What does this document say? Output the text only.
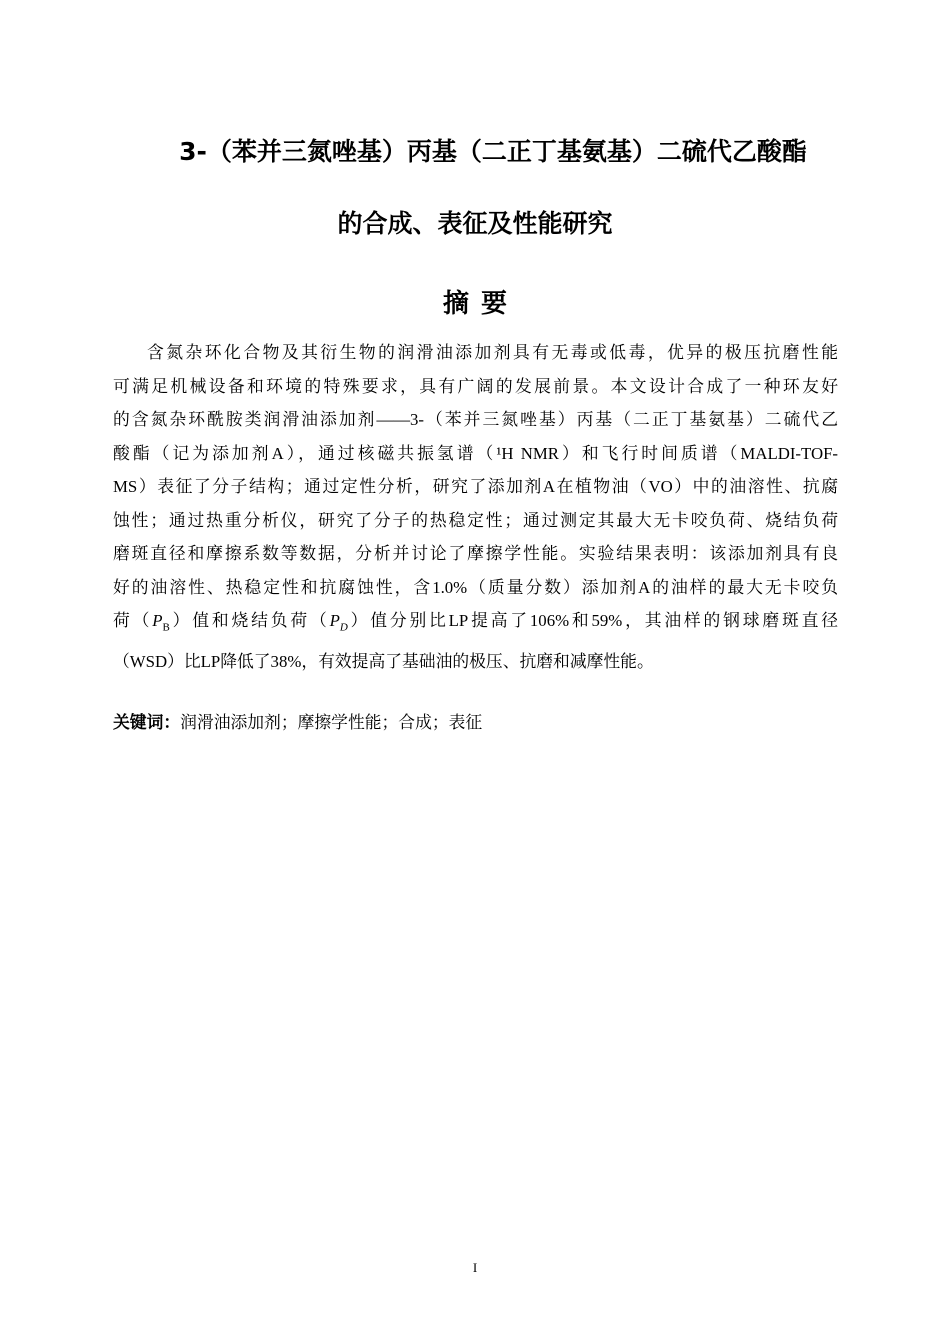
3-（苯并三氮唑基）丙基（二正丁基氨基）二硫代乙酸酯
的合成、表征及性能研究
摘要
含氮杂环化合物及其衍生物的润滑油添加剂具有无毒或低毒，优异的极压抗磨性能
可满足机械设备和环境的特殊要求，具有广阔的发展前景。本文设计合成了一种环友好
的含氮杂环酰胺类润滑油添加剂——3-（苯并三氮唑基）丙基（二正丁基氨基）二硫代乙
酸酯（记为添加剂A），通过核磁共振氢谱（¹H NMR）和飞行时间质谱（MALDI-TOF-
MS）表征了分子结构；通过定性分析，研究了添加剂A在植物油（VO）中的油溶性、抗腐
蚀性；通过热重分析仪，研究了分子的热稳定性；通过测定其最大无卡咬负荷、烧结负荷
磨斑直径和摩擦系数等数据，分析并讨论了摩擦学性能。实验结果表明：该添加剂具有良
好的油溶性、热稳定性和抗腐蚀性，含1.0%（质量分数）添加剂A的油样的最大无卡咬负
荷$(P_B)$值和烧结负荷$(P_D)$值分别比LP提高了106%和59%，其油样的钢球磨斑直径
（WSD）比LP降低了38%，有效提高了基础油的极压、抗磨和减摩性能。

关键词：润滑油添加剂；摩擦学性能；合成；表征

I
